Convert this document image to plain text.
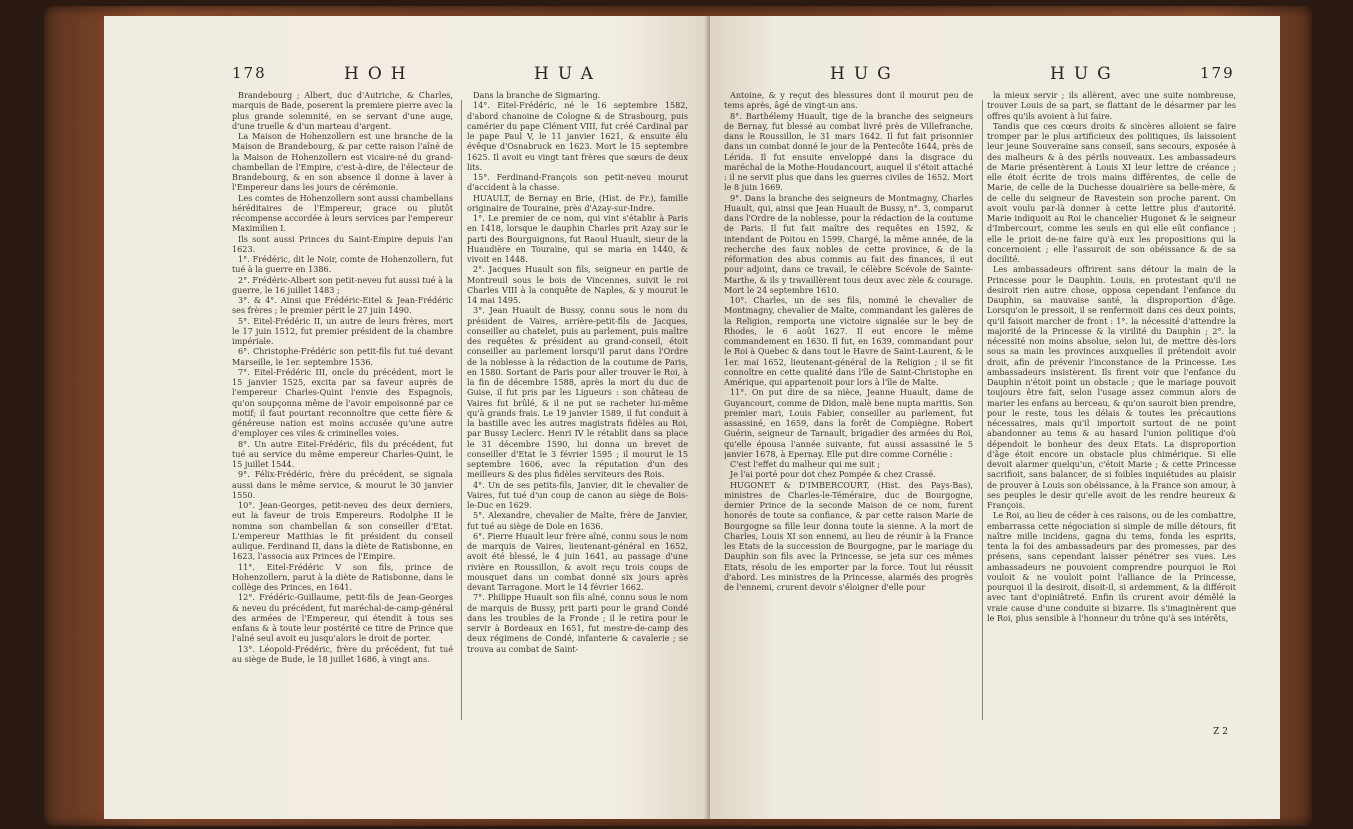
178	HOH	HUA

Brandebourg ; Albert, duc d'Autriche, & Charles, marquis de Bade, poserent la premiere pierre avec la plus grande solemnité, en se servant d'une auge, d'une truelle & d'un marteau d'argent.

La Maison de Hohenzollern est une branche de la Maison de Brandebourg, & par cette raison l'aîné de la Maison de Hohenzollern est vicaire-né du grand-chambellan de l'Empire, c'est-à-dire, de l'électeur de Brandebourg, & en son absence il donne à laver à l'Empereur dans les jours de cérémonie.

Les comtes de Hohenzollern sont aussi chambellans héréditaires de l'Empereur, grace ou plutôt récompense accordée à leurs services par l'empereur Maximilien I.

Ils sont aussi Princes du Saint-Empire depuis l'an 1623.

1°. Frédéric, dit le Noir, comte de Hohenzollern, fut tué à la guerre en 1386.

2°. Frédéric-Albert son petit-neveu fut aussi tué à la guerre, le 16 juillet 1483 ;

3°. & 4°. Ainsi que Frédéric-Eitel & Jean-Frédéric ses frères ; le premier périt le 27 juin 1490.

5°. Eitel-Frédéric II, un autre de leurs frères, mort le 17 juin 1512, fut premier président de la chambre impériale.

6°. Christophe-Frédéric son petit-fils fut tué devant Marseille, le 1er. septembre 1536.

7°. Eitel-Frédéric III, oncle du précédent, mort le 15 janvier 1525, excita par sa faveur auprès de l'empereur Charles-Quint l'envie des Espagnols, qu'on soupçonna même de l'avoir empoisonné par ce motif; il faut pourtant reconnoître que cette fière & généreuse nation est moins accusée qu'une autre d'employer ces viles & criminelles voies.

8°. Un autre Eitel-Frédéric, fils du précédent, fut tué au service du même empereur Charles-Quint, le 15 juillet 1544.

9°. Félix-Frédéric, frère du précédent, se signala aussi dans le même service, & mourut le 30 janvier 1550.

10°. Jean-Georges, petit-neveu des deux derniers, eut la faveur de trois Empereurs. Rodolphe II le nomma son chambellan & son conseiller d'Etat. L'empereur Matthias le fit président du conseil aulique. Ferdinand II, dans la diète de Ratisbonne, en 1623, l'associa aux Princes de l'Empire.

11°. Eitel-Frédéric V son fils, prince de Hohenzollern, parut à la diète de Ratisbonne, dans le collège des Princes, en 1641.

12°. Frédéric-Guillaume, petit-fils de Jean-Georges & neveu du précédent, fut maréchal-de-camp-général des armées de l'Empereur, qui étendit à tous ses enfans & à toute leur postérité ce titre de Prince que l'aîné seul avoit eu jusqu'alors le droit de porter.

13°. Léopold-Frédéric, frère du précédent, fut tué au siège de Bude, le 18 juillet 1686, à vingt ans.

Dans la branche de Sigmaring.

14°. Eitel-Frédéric, né le 16 septembre 1582, d'abord chanoine de Cologne & de Strasbourg, puis camérier du pape Clément VIII, fut créé Cardinal par le pape Paul V, le 11 janvier 1621, & ensuite élu évêque d'Osnabruck en 1623. Mort le 15 septembre 1625. Il avoit eu vingt tant frères que sœurs de deux lits.

15°. Ferdinand-François son petit-neveu mourut d'accident à la chasse.

HUAULT, de Bernay en Brie, (Hist. de Fr.), famille originaire de Touraine, près d'Azay-sur-Indre.

1°. Le premier de ce nom, qui vint s'établir à Paris en 1418, lorsque le dauphin Charles prit Azay sur le parti des Bourguignons, fut Raoul Huault, sieur de la Huaudière en Touraine, qui se maria en 1440, & vivoit en 1448.

2°. Jacques Huault son fils, seigneur en partie de Montreuil sous le bois de Vincennes, suivit le roi Charles VIII à la conquête de Naples, & y mourut le 14 mai 1495.

3°. Jean Huault de Bussy, connu sous le nom du président de Vaires, arrière-petit-fils de Jacques, conseiller au chatelet, puis au parlement, puis maître des requêtes & président au grand-conseil, étoit conseiller au parlement lorsqu'il parut dans l'Ordre de la noblesse à la rédaction de la coutume de Paris, en 1580. Sortant de Paris pour aller trouver le Roi, à la fin de décembre 1588, après la mort du duc de Guise, il fut pris par les Ligueurs : son château de Vaires fut brûlé, & il ne put se racheter lui-même qu'à grands frais. Le 19 janvier 1589, il fut conduit à la bastille avec les autres magistrats fidèles au Roi, par Bussy Leclerc. Henri IV le rétablit dans sa place le 31 décembre 1590, lui donna un brevet de conseiller d'Etat le 3 février 1595 ; il mourut le 15 septembre 1606, avec la réputation d'un des meilleurs & des plus fidèles serviteurs des Rois.

4°. Un de ses petits-fils, Janvier, dit le chevalier de Vaires, fut tué d'un coup de canon au siège de Bois-le-Duc en 1629.

5°. Alexandre, chevalier de Malte, frère de Janvier, fut tué au siège de Dole en 1636.

6°. Pierre Huault leur frère aîné, connu sous le nom de marquis de Vaires, lieutenant-général en 1652, avoit été blessé, le 4 juin 1641, au passage d'une rivière en Roussillon, & avoit reçu trois coups de mousquet dans un combat donné six jours après devant Tarragone. Mort le 14 février 1662.

7°. Philippe Huault son fils aîné, connu sous le nom de marquis de Bussy, prit parti pour le grand Condé dans les troubles de la Fronde ; il le retira pour le servir à Bordeaux en 1651, fut mestre-de-camp des deux régimens de Condé, infanterie & cavalerie ; se trouva au combat de Saint-

HUG	HUG	179

Antoine, & y reçut des blessures dont il mourut peu de tems après, âgé de vingt-un ans.

8°. Barthélemy Huault, tige de la branche des seigneurs de Bernay, fut blessé au combat livré près de Villefranche, dans le Roussillon, le 31 mars 1642. Il fut fait prisonnier dans un combat donné le jour de la Pentecôte 1644, près de Lérida. Il fut ensuite enveloppé dans la disgrace du maréchal de la Mothe-Houdancourt, auquel il s'étoit attaché : il ne servit plus que dans les guerres civiles de 1652. Mort le 8 juin 1669.

9°. Dans la branche des seigneurs de Montmagny, Charles Huault, qui, ainsi que Jean Huault de Bussy, n°. 3, comparut dans l'Ordre de la noblesse, pour la rédaction de la coutume de Paris. Il fut fait maître des requêtes en 1592, & intendant de Poitou en 1599. Chargé, la même année, de la recherche des faux nobles de cette province, & de la réformation des abus commis au fait des finances, il eut pour adjoint, dans ce travail, le célèbre Scévole de Sainte-Marthe, & ils y travaillèrent tous deux avec zèle & courage. Mort le 24 septembre 1610.

10°. Charles, un de ses fils, nommé le chevalier de Montmagny, chevalier de Malte, commandant les galères de la Religion, remporta une victoire signalée sur le bey de Rhodes, le 6 août 1627. Il eut encore le même commandement en 1630. Il fut, en 1639, commandant pour le Roi à Quebec & dans tout le Havre de Saint-Laurent, & le 1er. mai 1652, lieutenant-général de la Religion ; il se fit connoître en cette qualité dans l'île de Saint-Christophe en Amérique, qui appartenoit pour lors à l'île de Malte.

11°. On put dire de sa nièce, Jeanne Huault, dame de Guyancourt, comme de Didon, malè bene nupta maritis. Son premier mari, Louis Fabier, conseiller au parlement, fut assassiné, en 1659, dans la forêt de Compiègne. Robert Guérin, seigneur de Tarnault, brigadier des armées du Roi, qu'elle épousa l'année suivante, fut aussi assassiné le 5 janvier 1678, à Epernay. Elle put dire comme Cornélie :

C'est l'effet du malheur qui me suit ;

Je l'ai porté pour dot chez Pompée & chez Crassé.

HUGONET & D'IMBERCOURT, (Hist. des Pays-Bas), ministres de Charles-le-Téméraire, duc de Bourgogne, dernier Prince de la seconde Maison de ce nom, furent honorés de toute sa confiance, & par cette raison Marie de Bourgogne sa fille leur donna toute la sienne. A la mort de Charles, Louis XI son ennemi, au lieu de réunir à la France les Etats de la succession de Bourgogne, par le mariage du Dauphin son fils avec la Princesse, se jeta sur ces mêmes Etats, résolu de les emporter par la force. Tout lui réussit d'abord. Les ministres de la Princesse, alarmés des progrès de l'ennemi, crurent devoir s'éloigner d'elle pour

la mieux servir ; ils allèrent, avec une suite nombreuse, trouver Louis de sa part, se flattant de le désarmer par les offres qu'ils avoient à lui faire.

Tandis que ces cœurs droits & sincères alloient se faire tromper par le plus artificieux des politiques, ils laissoient leur jeune Souveraine sans conseil, sans secours, exposée à des malheurs & à des périls nouveaux. Les ambassadeurs de Marie présentèrent à Louis XI leur lettre de créance ; elle étoit écrite de trois mains différentes, de celle de Marie, de celle de la Duchesse douairière sa belle-mère, & de celle du seigneur de Ravestein son proche parent. On avoit voulu par-là donner à cette lettre plus d'autorité. Marie indiquoit au Roi le chancelier Hugonet & le seigneur d'Imbercourt, comme les seuls en qui elle eût confiance ; elle le prioit de-ne faire qu'à eux les propositions qui la concernoient ; elle l'assuroit de son obéissance & de sa docilité.

Les ambassadeurs offrirent sans détour la main de la Princesse pour le Dauphin. Louis, en protestant qu'il ne desiroit rien autre chose, opposa cependant l'enfance du Dauphin, sa mauvaise santé, la disproportion d'âge. Lorsqu'on le pressoit, il se renfermoit dans ces deux points, qu'il faisoit marcher de front : 1°. la nécessité d'attendre la majorité de la Princesse & la virilité du Dauphin ; 2°. la nécessité non moins absolue, selon lui, de mettre dès-lors sous sa main les provinces auxquelles il prétendoit avoir droit, afin de prévenir l'inconstance de la Princesse. Les ambassadeurs insistèrent. Ils firent voir que l'enfance du Dauphin n'étoit point un obstacle ; que le mariage pouvoit toujours être fait, selon l'usage assez commun alors de marier les enfans au berceau, & qu'on sauroit bien prendre, pour le reste, tous les délais & toutes les précautions nécessaires, mais qu'il importoit surtout de ne point abandonner au tems & au hasard l'union politique d'où dépendoit le bonheur des deux Etats. La disproportion d'âge étoit encore un obstacle plus chimérique. Si elle devoit alarmer quelqu'un, c'étoit Marie ; & cette Princesse sacrifioit, sans balancer, de si foibles inquiétudes au plaisir de prouver à Louis son obéissance, à la France son amour, à ses peuples le desir qu'elle avoit de les rendre heureux & François.

Le Roi, au lieu de céder à ces raisons, ou de les combattre, embarrassa cette négociation si simple de mille détours, fit naître mille incidens, gagna du tems, fonda les esprits, tenta la foi des ambassadeurs par des promesses, par des présens, sans cependant laisser pénétrer ses vues. Les ambassadeurs ne pouvoient comprendre pourquoi le Roi vouloit & ne vouloit point l'alliance de la Princesse, pourquoi il la desiroit, disoit-il, si ardemment, & la différoit avec tant d'opiniâtreté. Enfin ils crurent avoir démêlé la vraie cause d'une conduite si bizarre. Ils s'imaginèrent que le Roi, plus sensible à l'honneur du trône qu'à ses intérêts,

Z 2
